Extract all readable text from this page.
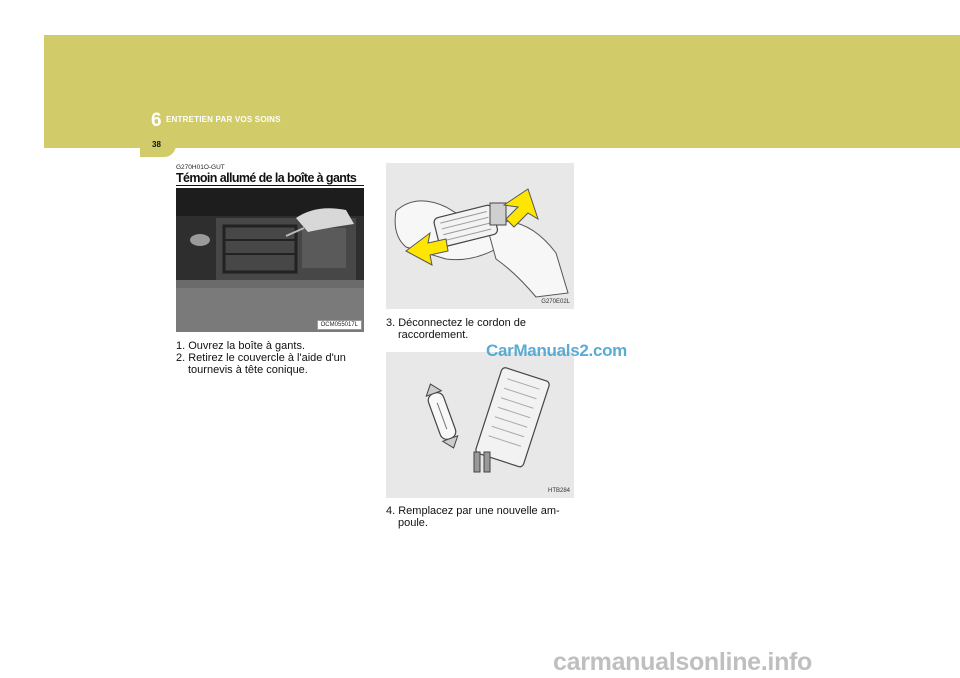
6 ENTRETIEN PAR VOS SOINS
38
G270H01O-GUT
Témoin allumé de la boîte à gants
OCM055017L
1. Ouvrez la boîte à gants.
2. Retirez le couvercle à l'aide d'un
tournevis à tête conique.
G270E02L
3. Déconnectez le cordon de
raccordement.
HTB284
4. Remplacez par une nouvelle am-
poule.
CarManuals2.com
carmanualsonline.info
